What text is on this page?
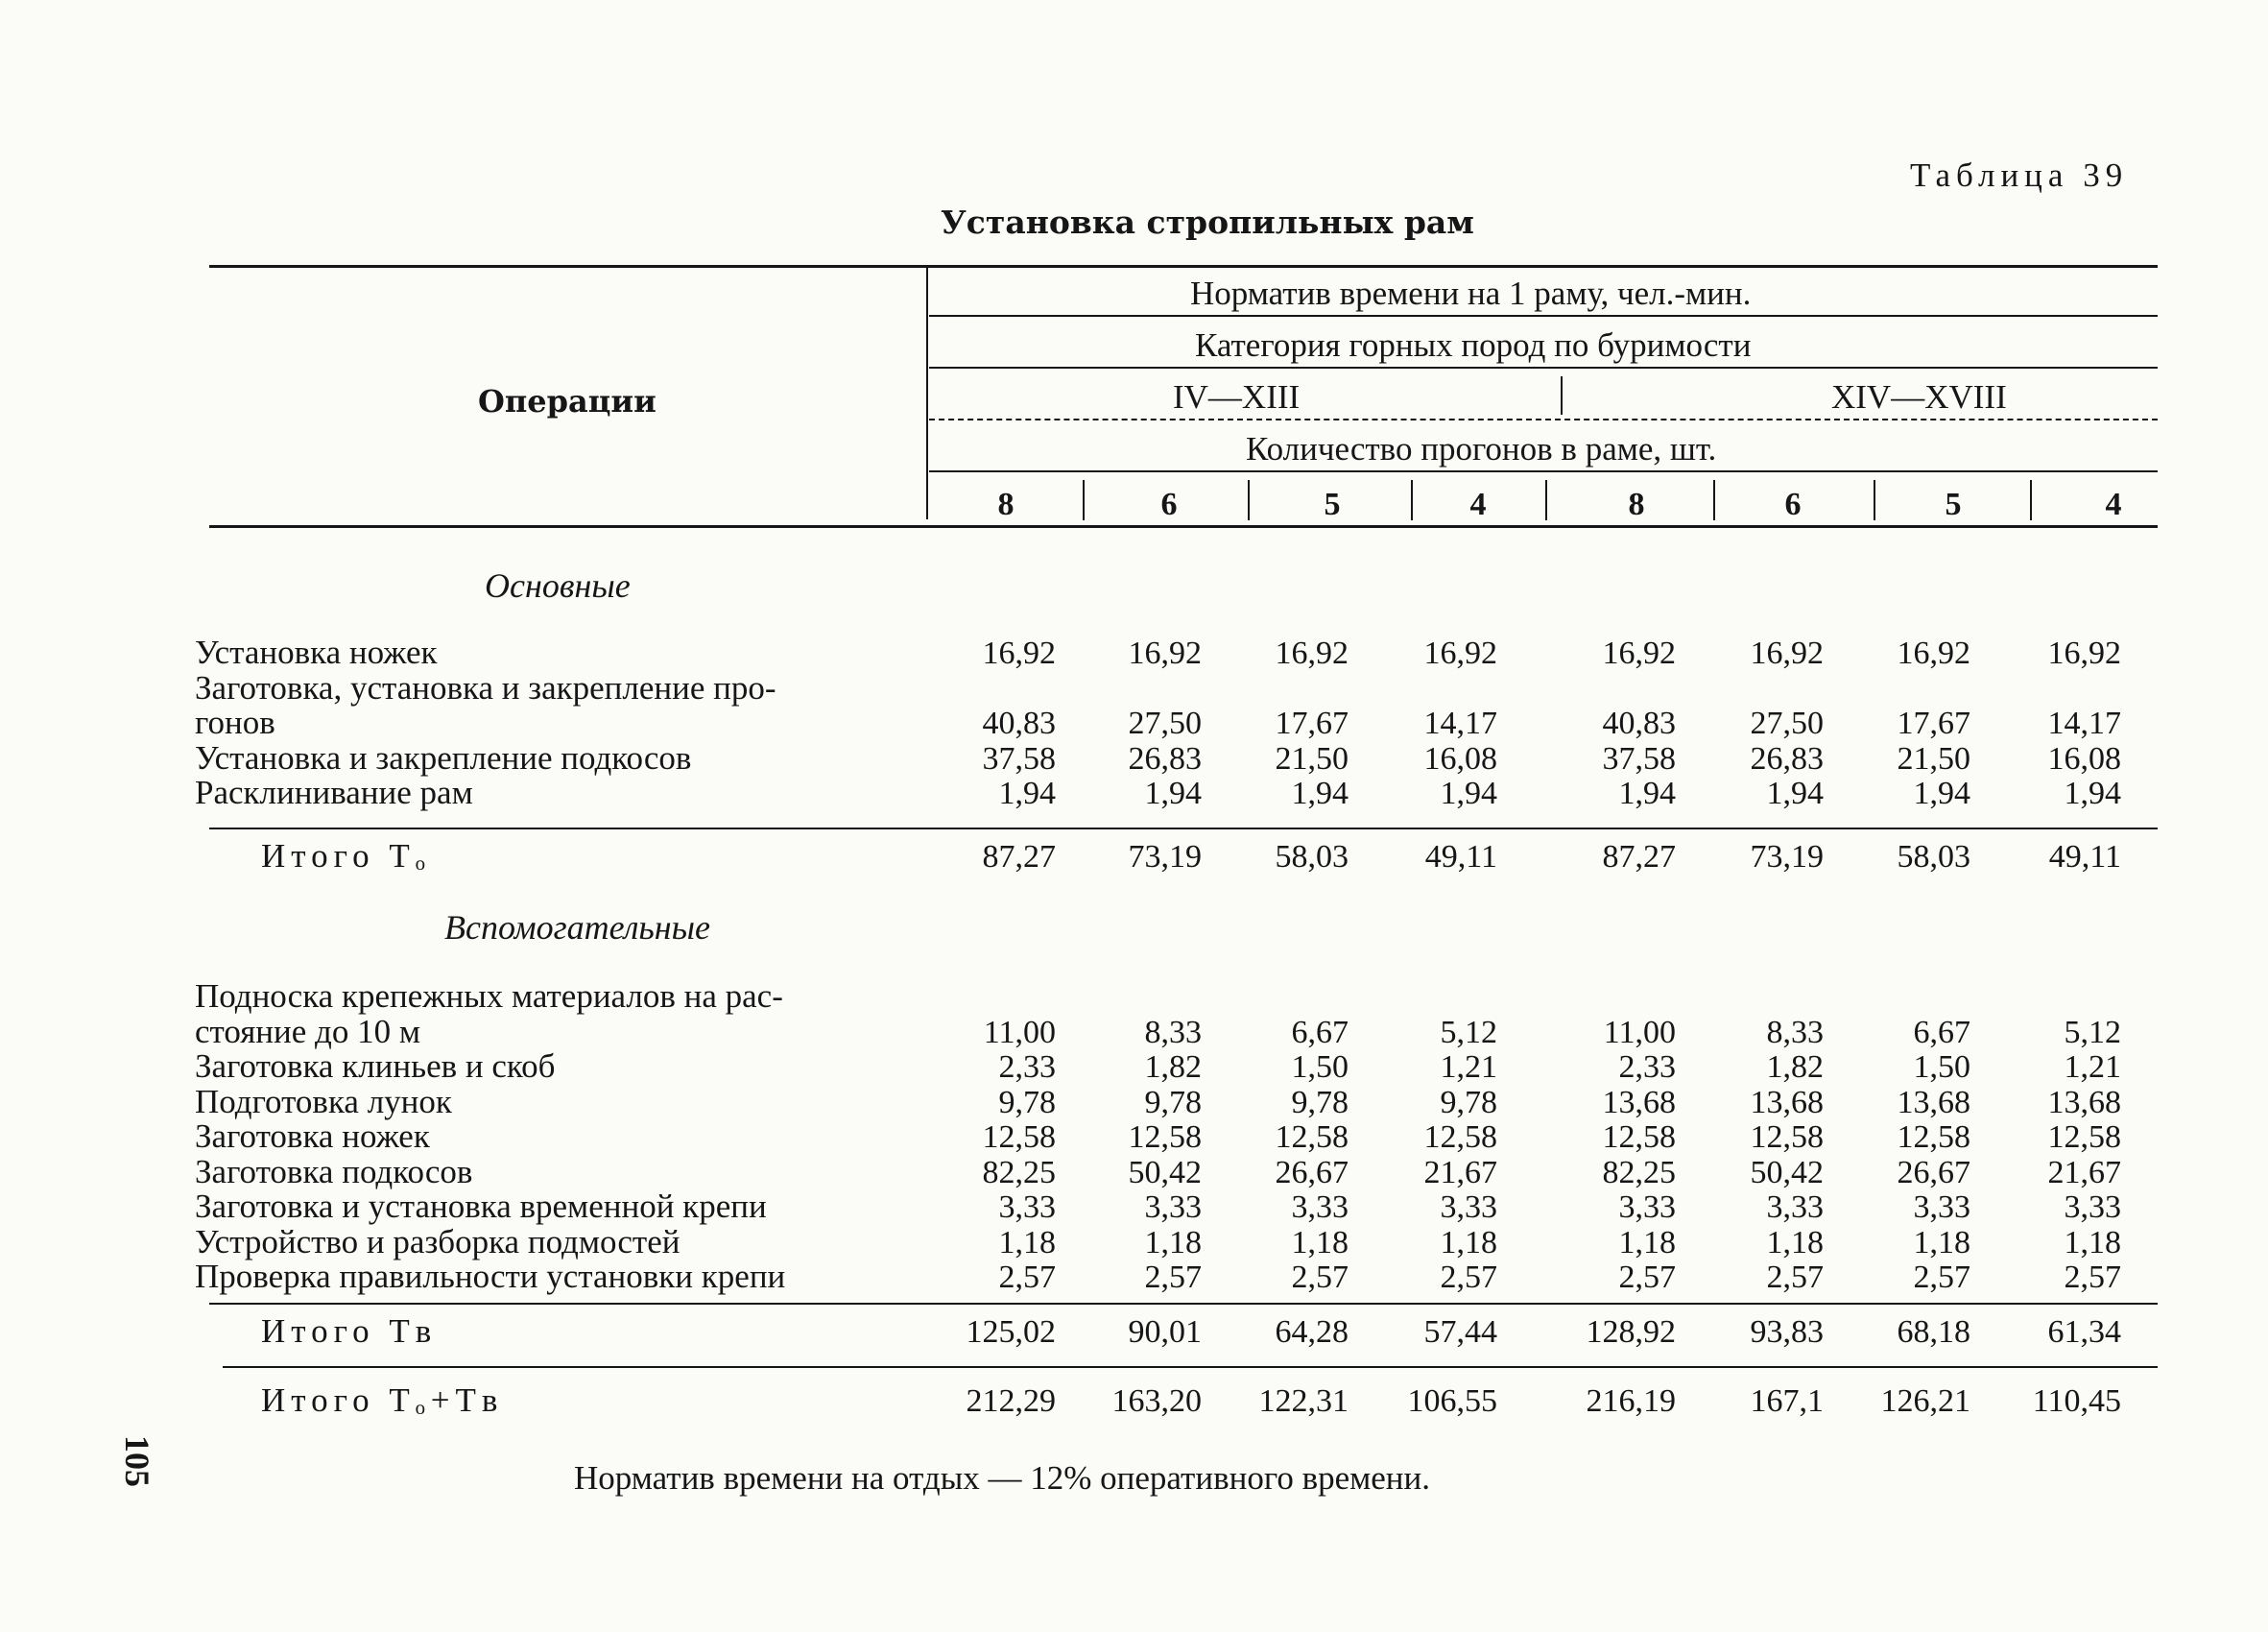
Таблица 39
Установка стропильных рам
Операции
Норматив времени на 1 раму, чел.-мин.
Категория горных пород по буримости
IV—XIII	XIV—XVIII
Количество прогонов в раме, шт.
8	6	5	4	8	6	5	4
Основные
Установка ножек	16,92	16,92	16,92	16,92	16,92	16,92	16,92	16,92
Заготовка, установка и закрепление про-
гонов	40,83	27,50	17,67	14,17	40,83	27,50	17,67	14,17
Установка и закрепление подкосов	37,58	26,83	21,50	16,08	37,58	26,83	21,50	16,08
Расклинивание рам	1,94	1,94	1,94	1,94	1,94	1,94	1,94	1,94
Итого Tₒ	87,27	73,19	58,03	49,11	87,27	73,19	58,03	49,11
Вспомогательные
Подноска крепежных материалов на рас-
стояние до 10 м	11,00	8,33	6,67	5,12	11,00	8,33	6,67	5,12
Заготовка клиньев и скоб	2,33	1,82	1,50	1,21	2,33	1,82	1,50	1,21
Подготовка лунок	9,78	9,78	9,78	9,78	13,68	13,68	13,68	13,68
Заготовка ножек	12,58	12,58	12,58	12,58	12,58	12,58	12,58	12,58
Заготовка подкосов	82,25	50,42	26,67	21,67	82,25	50,42	26,67	21,67
Заготовка и установка временной крепи	3,33	3,33	3,33	3,33	3,33	3,33	3,33	3,33
Устройство и разборка подмостей	1,18	1,18	1,18	1,18	1,18	1,18	1,18	1,18
Проверка правильности установки крепи	2,57	2,57	2,57	2,57	2,57	2,57	2,57	2,57
Итого Tв	125,02	90,01	64,28	57,44	128,92	93,83	68,18	61,34
Итого Tₒ+Tв	212,29	163,20	122,31	106,55	216,19	167,1	126,21	110,45
Норматив времени на отдых — 12% оперативного времени.
105
